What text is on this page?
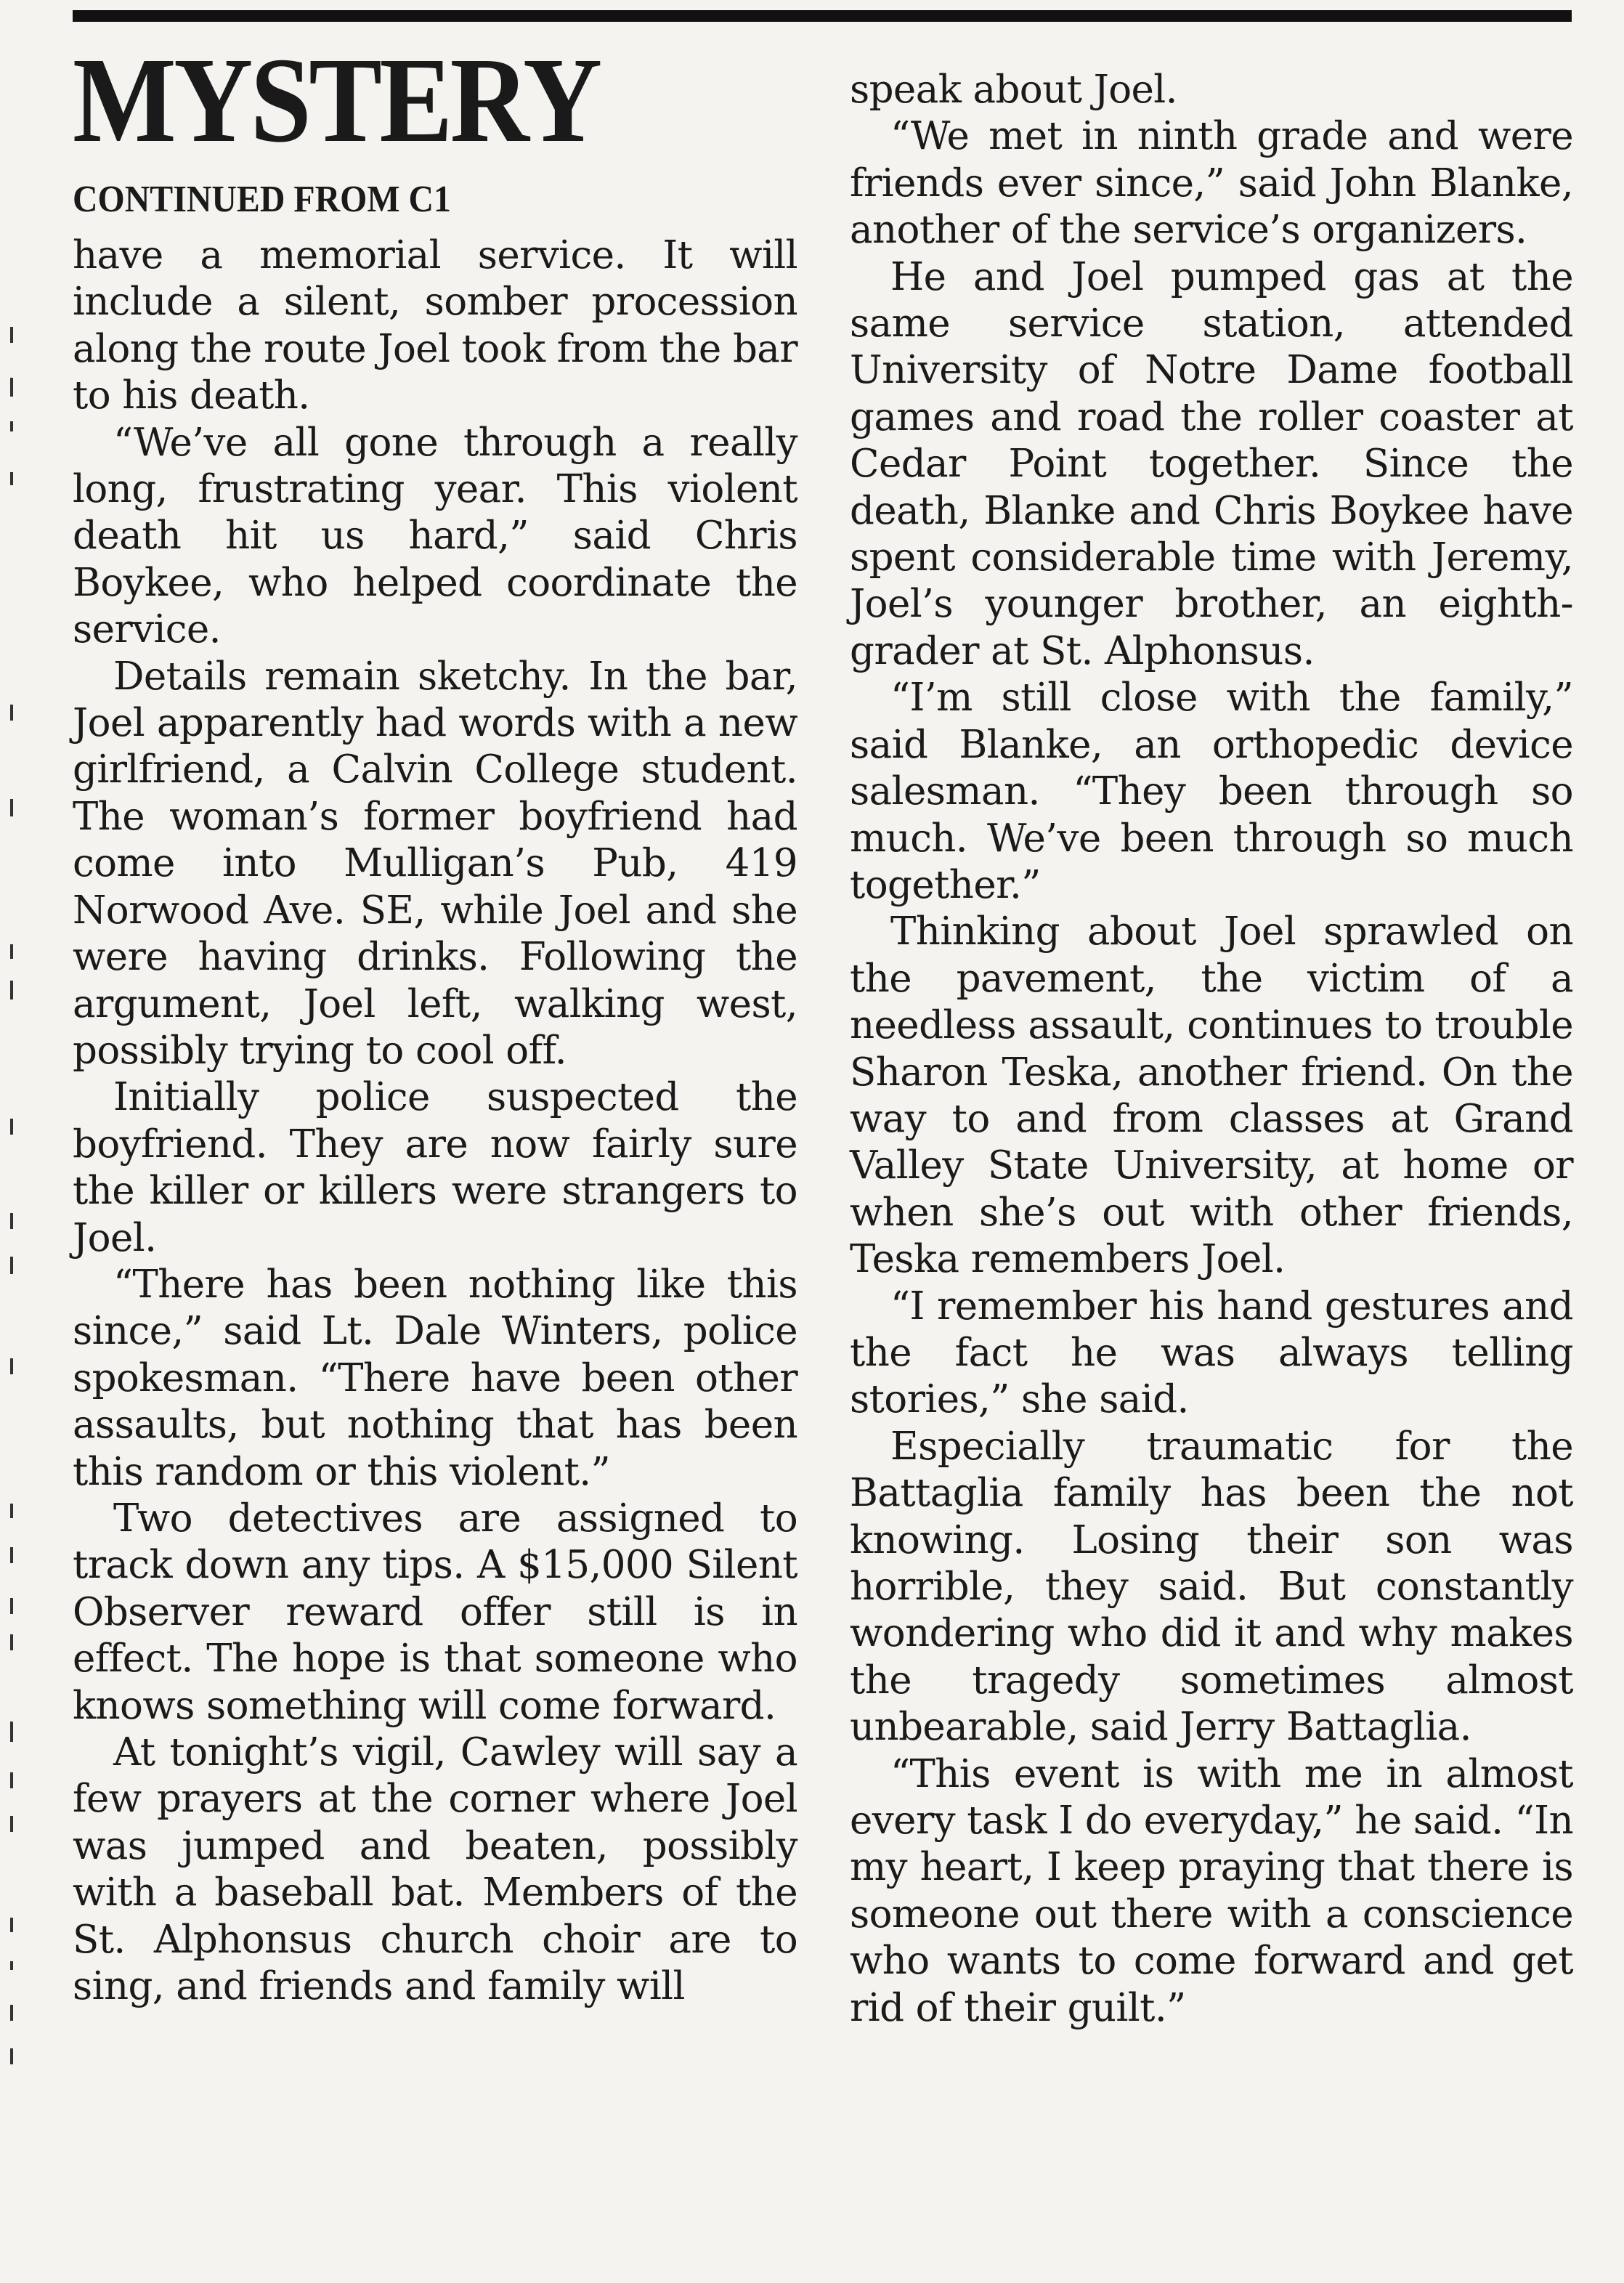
MYSTERY
CONTINUED FROM C1

have a memorial service. It will include a silent, somber procession along the route Joel took from the bar to his death.

“We’ve all gone through a really long, frustrating year. This violent death hit us hard,” said Chris Boykee, who helped coordinate the service.

Details remain sketchy. In the bar, Joel apparently had words with a new girlfriend, a Calvin College student. The woman’s former boyfriend had come into Mulligan’s Pub, 419 Norwood Ave. SE, while Joel and she were having drinks. Following the argument, Joel left, walking west, possibly trying to cool off.

Initially police suspected the boyfriend. They are now fairly sure the killer or killers were strangers to Joel.

“There has been nothing like this since,” said Lt. Dale Winters, police spokesman. “There have been other assaults, but nothing that has been this random or this violent.”

Two detectives are assigned to track down any tips. A $15,000 Silent Observer reward offer still is in effect. The hope is that someone who knows something will come forward.

At tonight’s vigil, Cawley will say a few prayers at the corner where Joel was jumped and beaten, possibly with a baseball bat. Members of the St. Alphonsus church choir are to sing, and friends and family will

speak about Joel.

“We met in ninth grade and were friends ever since,” said John Blanke, another of the service’s organizers.

He and Joel pumped gas at the same service station, attended University of Notre Dame football games and road the roller coaster at Cedar Point together. Since the death, Blanke and Chris Boykee have spent considerable time with Jeremy, Joel’s younger brother, an eighth-grader at St. Alphonsus.

“I’m still close with the family,” said Blanke, an orthopedic device salesman. “They been through so much. We’ve been through so much together.”

Thinking about Joel sprawled on the pavement, the victim of a needless assault, continues to trouble Sharon Teska, another friend. On the way to and from classes at Grand Valley State University, at home or when she’s out with other friends, Teska remembers Joel.

“I remember his hand gestures and the fact he was always telling stories,” she said.

Especially traumatic for the Battaglia family has been the not knowing. Losing their son was horrible, they said. But constantly wondering who did it and why makes the tragedy sometimes almost unbearable, said Jerry Battaglia.

“This event is with me in almost every task I do everyday,” he said. “In my heart, I keep praying that there is someone out there with a conscience who wants to come forward and get rid of their guilt.”
